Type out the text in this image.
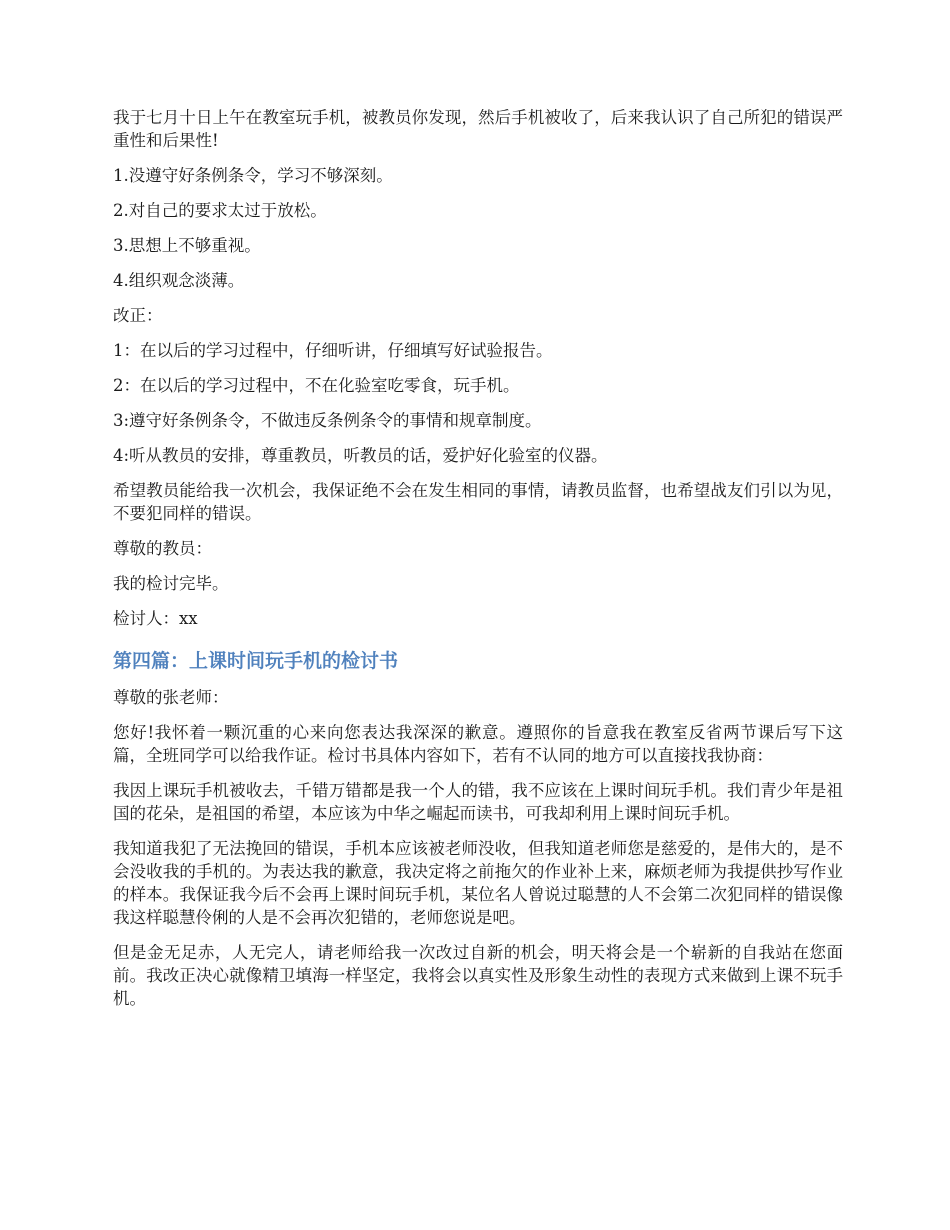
我于七月十日上午在教室玩手机，被教员你发现，然后手机被收了，后来我认识了自己所犯的错误严重性和后果性!

1.没遵守好条例条令，学习不够深刻。

2.对自己的要求太过于放松。

3.思想上不够重视。

4.组织观念淡薄。

改正：

1：在以后的学习过程中，仔细听讲，仔细填写好试验报告。

2：在以后的学习过程中，不在化验室吃零食，玩手机。

3:遵守好条例条令，不做违反条例条令的事情和规章制度。

4:听从教员的安排，尊重教员，听教员的话，爱护好化验室的仪器。

希望教员能给我一次机会，我保证绝不会在发生相同的事情，请教员监督，也希望战友们引以为见，不要犯同样的错误。

尊敬的教员：

我的检讨完毕。

检讨人：xx

第四篇：上课时间玩手机的检讨书

尊敬的张老师：

您好!我怀着一颗沉重的心来向您表达我深深的歉意。遵照你的旨意我在教室反省两节课后写下这篇，全班同学可以给我作证。检讨书具体内容如下，若有不认同的地方可以直接找我协商：

我因上课玩手机被收去，千错万错都是我一个人的错，我不应该在上课时间玩手机。我们青少年是祖国的花朵，是祖国的希望，本应该为中华之崛起而读书，可我却利用上课时间玩手机。

我知道我犯了无法挽回的错误，手机本应该被老师没收，但我知道老师您是慈爱的，是伟大的，是不会没收我的手机的。为表达我的歉意，我决定将之前拖欠的作业补上来，麻烦老师为我提供抄写作业的样本。我保证我今后不会再上课时间玩手机，某位名人曾说过聪慧的人不会第二次犯同样的错误像我这样聪慧伶俐的人是不会再次犯错的，老师您说是吧。

但是金无足赤，人无完人，请老师给我一次改过自新的机会，明天将会是一个崭新的自我站在您面前。我改正决心就像精卫填海一样坚定，我将会以真实性及形象生动性的表现方式来做到上课不玩手机。
